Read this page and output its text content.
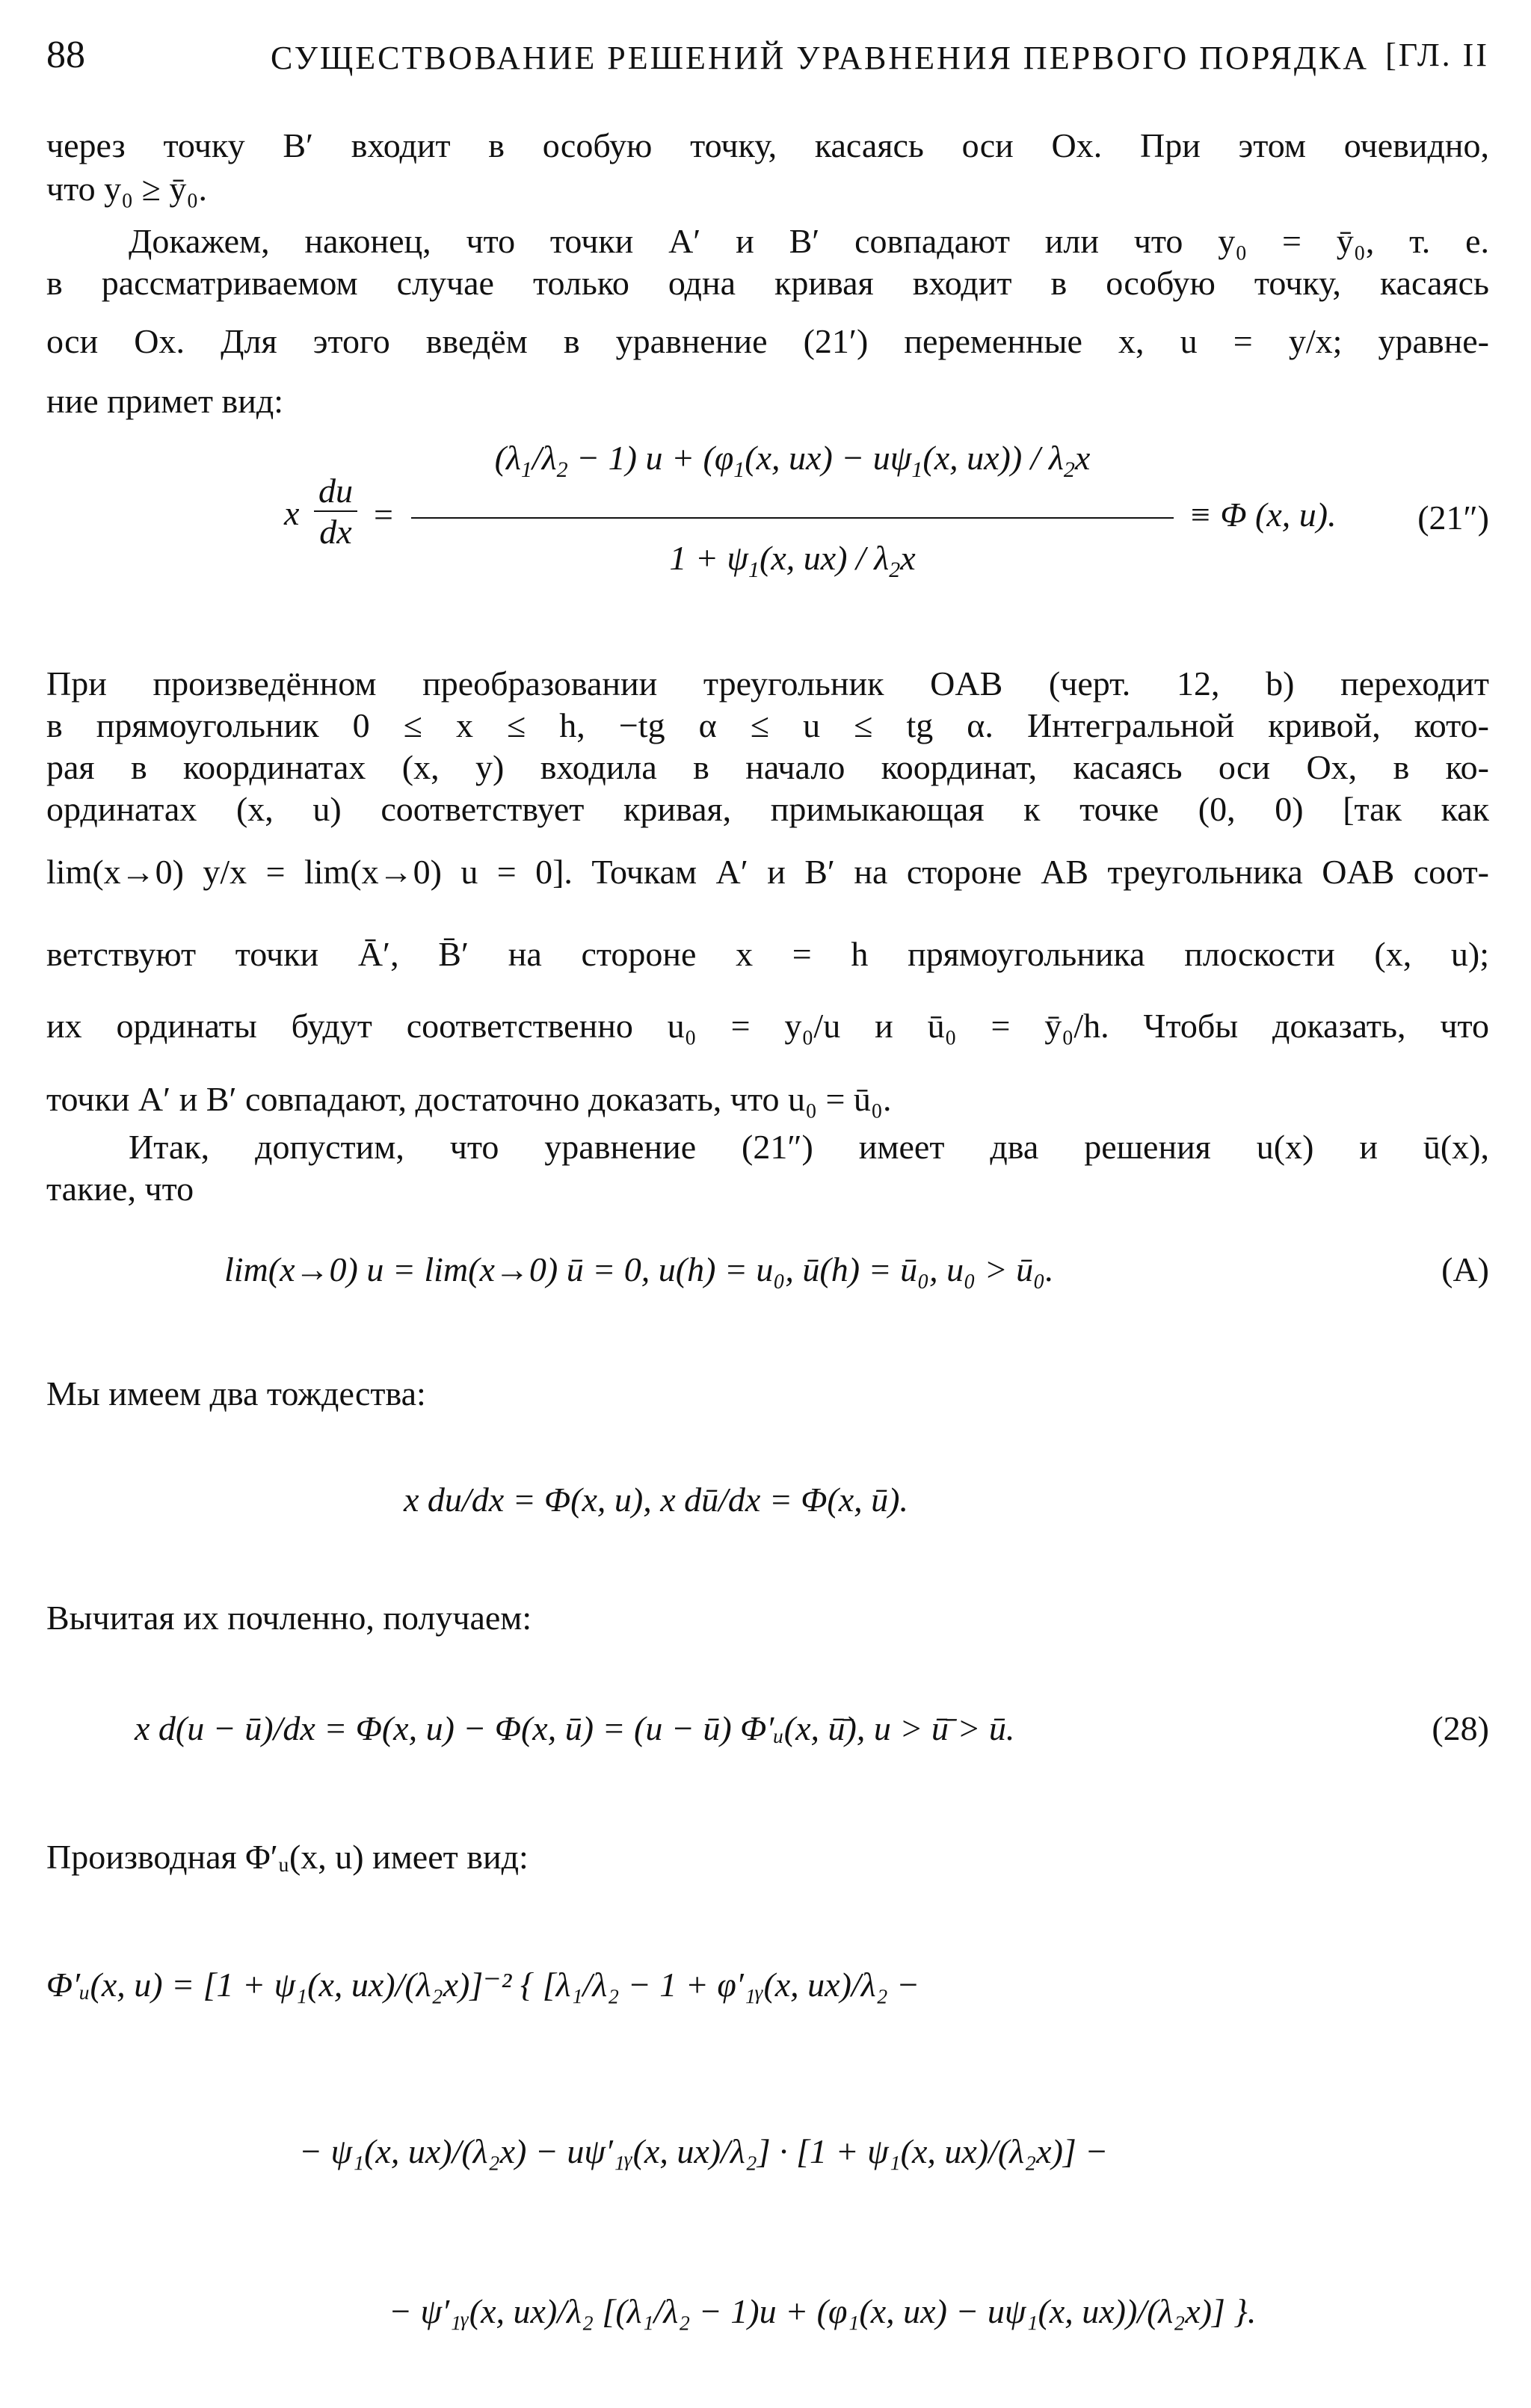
88	СУЩЕСТВОВАНИЕ РЕШЕНИЙ УРАВНЕНИЯ ПЕРВОГО ПОРЯДКА [ГЛ. II
через точку B′ входит в особую точку, касаясь оси Ox. При этом очевидно,
что y₀ ≥ ȳ₀.
Докажем, наконец, что точки A′ и B′ совпадают или что y₀ = ȳ₀, т. е.
в рассматриваемом случае только одна кривая входит в особую точку, касаясь
оси Ox. Для этого введём в уравнение (21′) переменные x, u = y/x; уравне-
ние примет вид:
x $\frac{du}{dx}$ =
$(\lambda_1/\lambda_2 - 1) u + (\varphi_1(x$, $ux) - u\psi_1(x$, $ux)) / \lambda_2x$
$1 + \psi_1(x$, $ux) / \lambda_2x$
≡ Φ (x, u). (21″)
При произведённом преобразовании треугольник OAB (черт. 12, b) переходит
в прямоугольник 0 ≤ x ≤ h, −tg α ≤ u ≤ tg α. Интегральной кривой, кото-
рая в координатах (x, y) входила в начало координат, касаясь оси Ox, в ко-
ординатах (x, u) соответствует кривая, примыкающая к точке (0, 0) [так как
lim(x→0) y/x = lim(x→0) u = 0]. Точкам A′ и B′ на стороне AB треугольника OAB соот-
ветствуют точки Ā′, B̄′ на стороне x = h прямоугольника плоскости (x, u);
их ординаты будут соответственно u₀ = y₀/u и ū₀ = ȳ₀/h. Чтобы доказать, что
точки A′ и B′ совпадают, достаточно доказать, что u₀ = ū₀.
Итак, допустим, что уравнение (21″) имеет два решения u(x) и ū(x),
такие, что
lim(x→0) u = lim(x→0) ū = 0, u(h) = u₀, ū(h) = ū₀, u₀ > ū₀.	(A)
Мы имеем два тождества:
x du/dx = Φ(x, u), x dū/dx = Φ(x, ū).
Вычитая их почленно, получаем:
x d(u − ū)/dx = Φ(x, u) − Φ(x, ū) = (u − ū) Φ′ᵤ(x, ū̄), u > ū̄ > ū.	(28)
Производная Φ′ᵤ(x, u) имеет вид:
Φ′ᵤ(x, u) = [1 + ψ₁(x, ux)/(λ₂x)]⁻² { [λ₁/λ₂ − 1 + φ′₁ᵧ(x, ux)/λ₂ −
− ψ₁(x, ux)/(λ₂x) − uψ′₁ᵧ(x, ux)/λ₂] · [1 + ψ₁(x, ux)/(λ₂x)] −
− ψ′₁ᵧ(x, ux)/λ₂ [(λ₁/λ₂ − 1)u + (φ₁(x, ux) − uψ₁(x, ux))/(λ₂x)] }.
